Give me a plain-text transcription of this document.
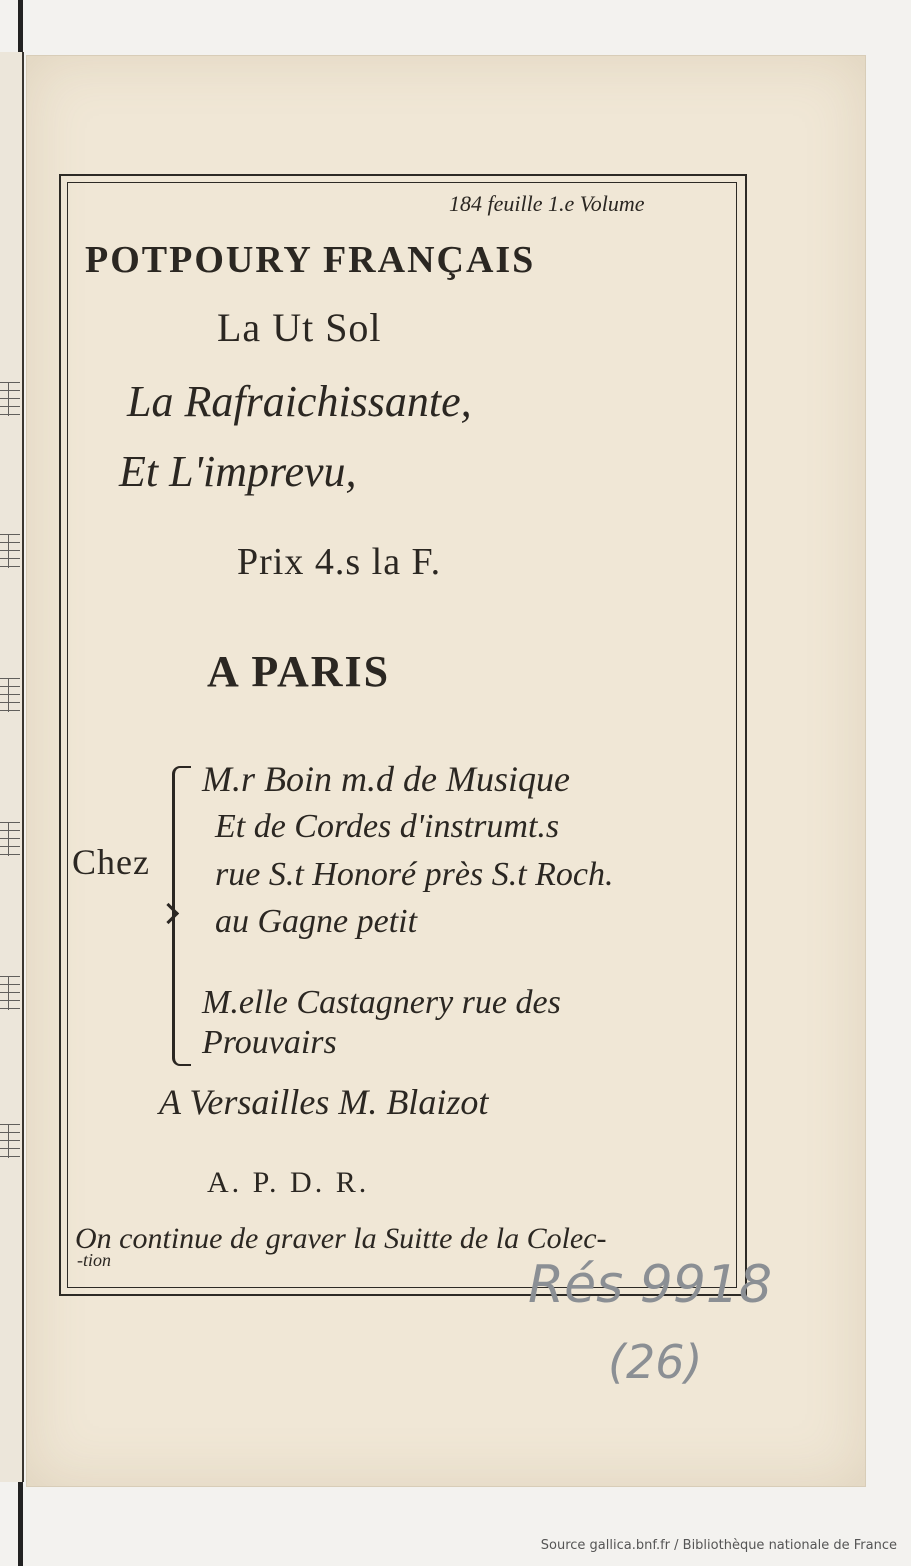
184 feuille 1.e Volume
POTPOURY FRANÇAIS
La Ut Sol
La Rafraichissante,
Et L'imprevu,
Prix 4.s la F.
A PARIS
Chez
M.r Boin m.d de Musique
Et de Cordes d'instrumt.s
rue S.t Honoré près S.t Roch.
au Gagne petit
M.elle Castagnery rue des
Prouvairs
A Versailles M. Blaizot
A. P. D. R.
On continue de graver la Suitte de la Colec-
-tion	Rés 9918
(26)
Source gallica.bnf.fr / Bibliothèque nationale de France
